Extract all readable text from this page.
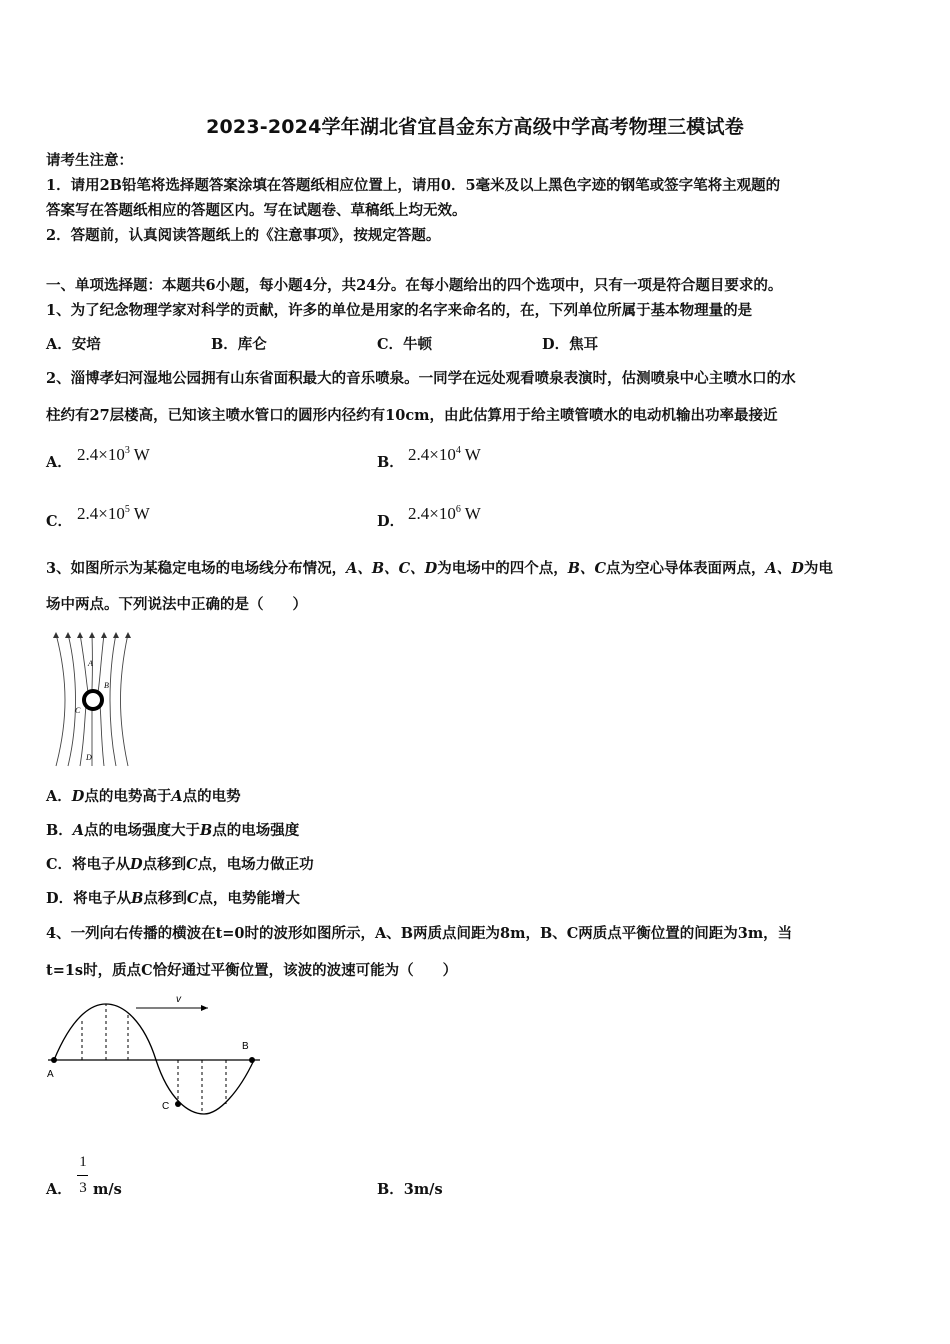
2023-2024学年湖北省宜昌金东方高级中学高考物理三模试卷
请考生注意：
1．请用2B铅笔将选择题答案涂填在答题纸相应位置上，请用0．5毫米及以上黑色字迹的钢笔或签字笔将主观题的
答案写在答题纸相应的答题区内。写在试题卷、草稿纸上均无效。
2．答题前，认真阅读答题纸上的《注意事项》，按规定答题。
一、单项选择题：本题共6小题，每小题4分，共24分。在每小题给出的四个选项中，只有一项是符合题目要求的。
1、为了纪念物理学家对科学的贡献，许多的单位是用家的名字来命名的，在，下列单位所属于基本物理量的是
A．安培	B．库仑	C．牛顿	D．焦耳
2、淄博孝妇河湿地公园拥有山东省面积最大的音乐喷泉。一同学在远处观看喷泉表演时，估测喷泉中心主喷水口的水
柱约有27层楼高，已知该主喷水管口的圆形内径约有10cm，由此估算用于给主喷管喷水的电动机输出功率最接近
A． $2.4\times 10^3$ W	B． $2.4\times 10^4$ W
C． $2.4\times 10^5$ W	D． $2.4\times 10^6$ W
3、如图所示为某稳定电场的电场线分布情况，A、B、C、D为电场中的四个点，B、C点为空心导体表面两点，A、D为电
场中两点。下列说法中正确的是（　　）
A
B
C
D
A．D点的电势高于A点的电势
B．A点的电场强度大于B点的电场强度
C．将电子从D点移到C点，电场力做正功
D．将电子从B点移到C点，电势能增大
4、一列向右传播的横波在t=0时的波形如图所示，A、B两质点间距为8m，B、C两质点平衡位置的间距为3m，当
t=1s时，质点C恰好通过平衡位置，该波的波速可能为（　　）
v
A
B
C
A．
1
3 m/s	B．3m/s
